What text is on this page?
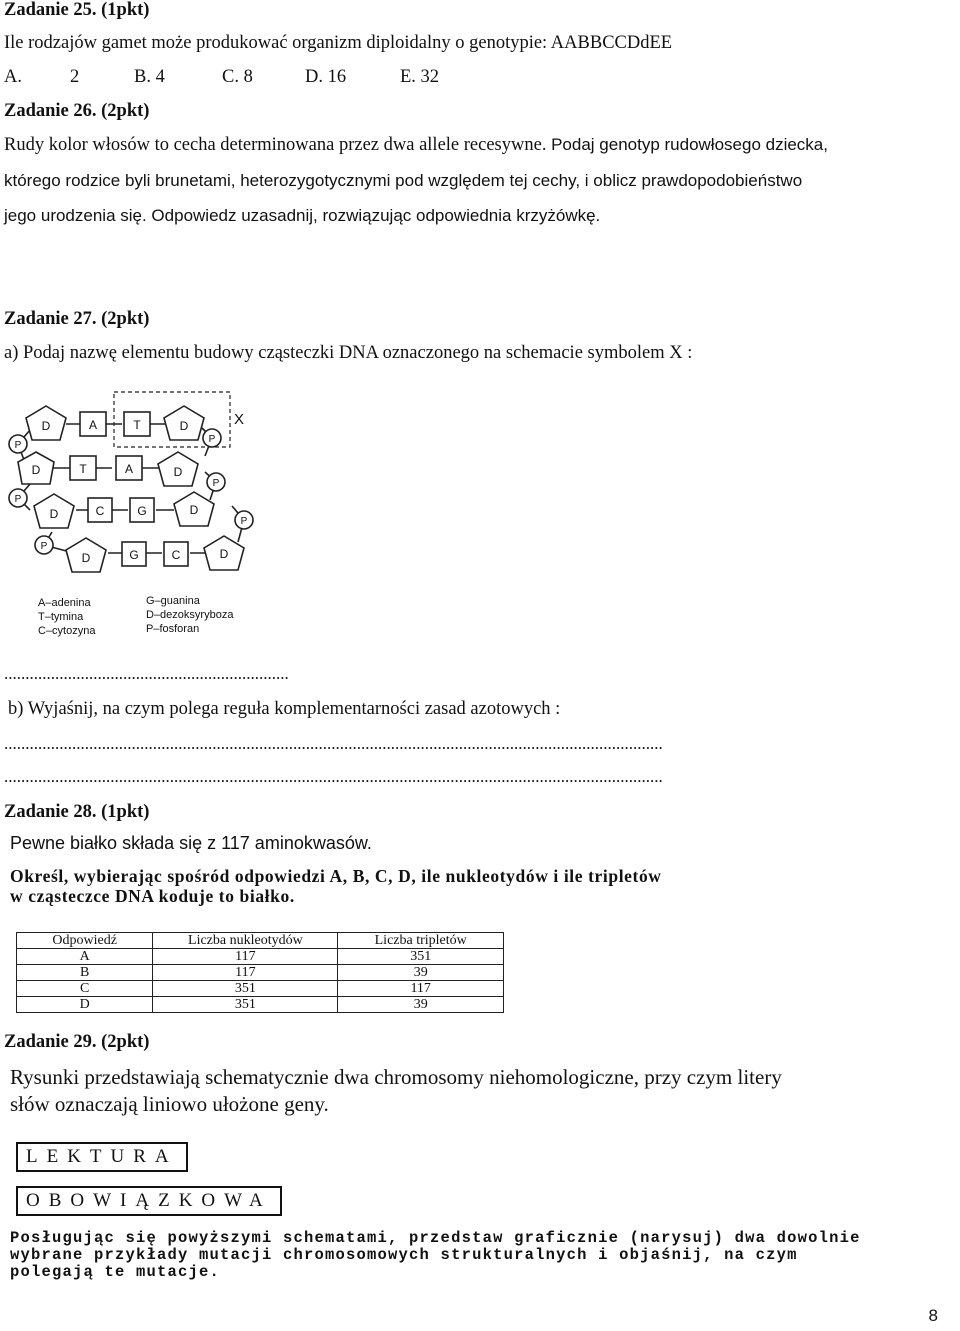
Zadanie 25. (1pkt)
Ile rodzajów gamet może produkować organizm diploidalny o genotypie: AABBCCDdEE
A.	2	B. 4	C. 8	D. 16	E. 32
Zadanie 26. (2pkt)
Rudy kolor włosów to cecha determinowana przez dwa allele recesywne. Podaj genotyp rudowłosego dziecka,
którego rodzice byli brunetami, heterozygotycznymi pod względem tej cechy, i oblicz prawdopodobieństwo
jego urodzenia się. Odpowiedz uzasadnij, rozwiązując odpowiednia krzyżówkę.
Zadanie 27. (2pkt)
a) Podaj nazwę elementu budowy cząsteczki DNA oznaczonego na schemacie symbolem X :
X
D	A	T	D
P
P
D	T	A	D
P
P
D	C	G	D
P
P
D	G	C	D
A–adenina
T–tymina
C–cytozyna
G–guanina
D–dezoksyryboza
P–fosforan
...................................................................
b) Wyjaśnij, na czym polega reguła komplementarności zasad azotowych :
...........................................................................................................................................................
...........................................................................................................................................................
Zadanie 28. (1pkt)
Pewne białko składa się z 117 aminokwasów.
Określ, wybierając spośród odpowiedzi A, B, C, D, ile nukleotydów i ile tripletów
w cząsteczce DNA koduje to białko.
Odpowiedź	Liczba nukleotydów	Liczba tripletów
A	117	351
B	117	39
C	351	117
D	351	39
Zadanie 29. (2pkt)
Rysunki przedstawiają schematycznie dwa chromosomy niehomologiczne, przy czym litery
słów oznaczają liniowo ułożone geny.
LEKTURA
OBOWIĄZKOWA
Posługując się powyższymi schematami, przedstaw graficznie (narysuj) dwa dowolnie
wybrane przykłady mutacji chromosomowych strukturalnych i objaśnij, na czym
polegają te mutacje.
8
